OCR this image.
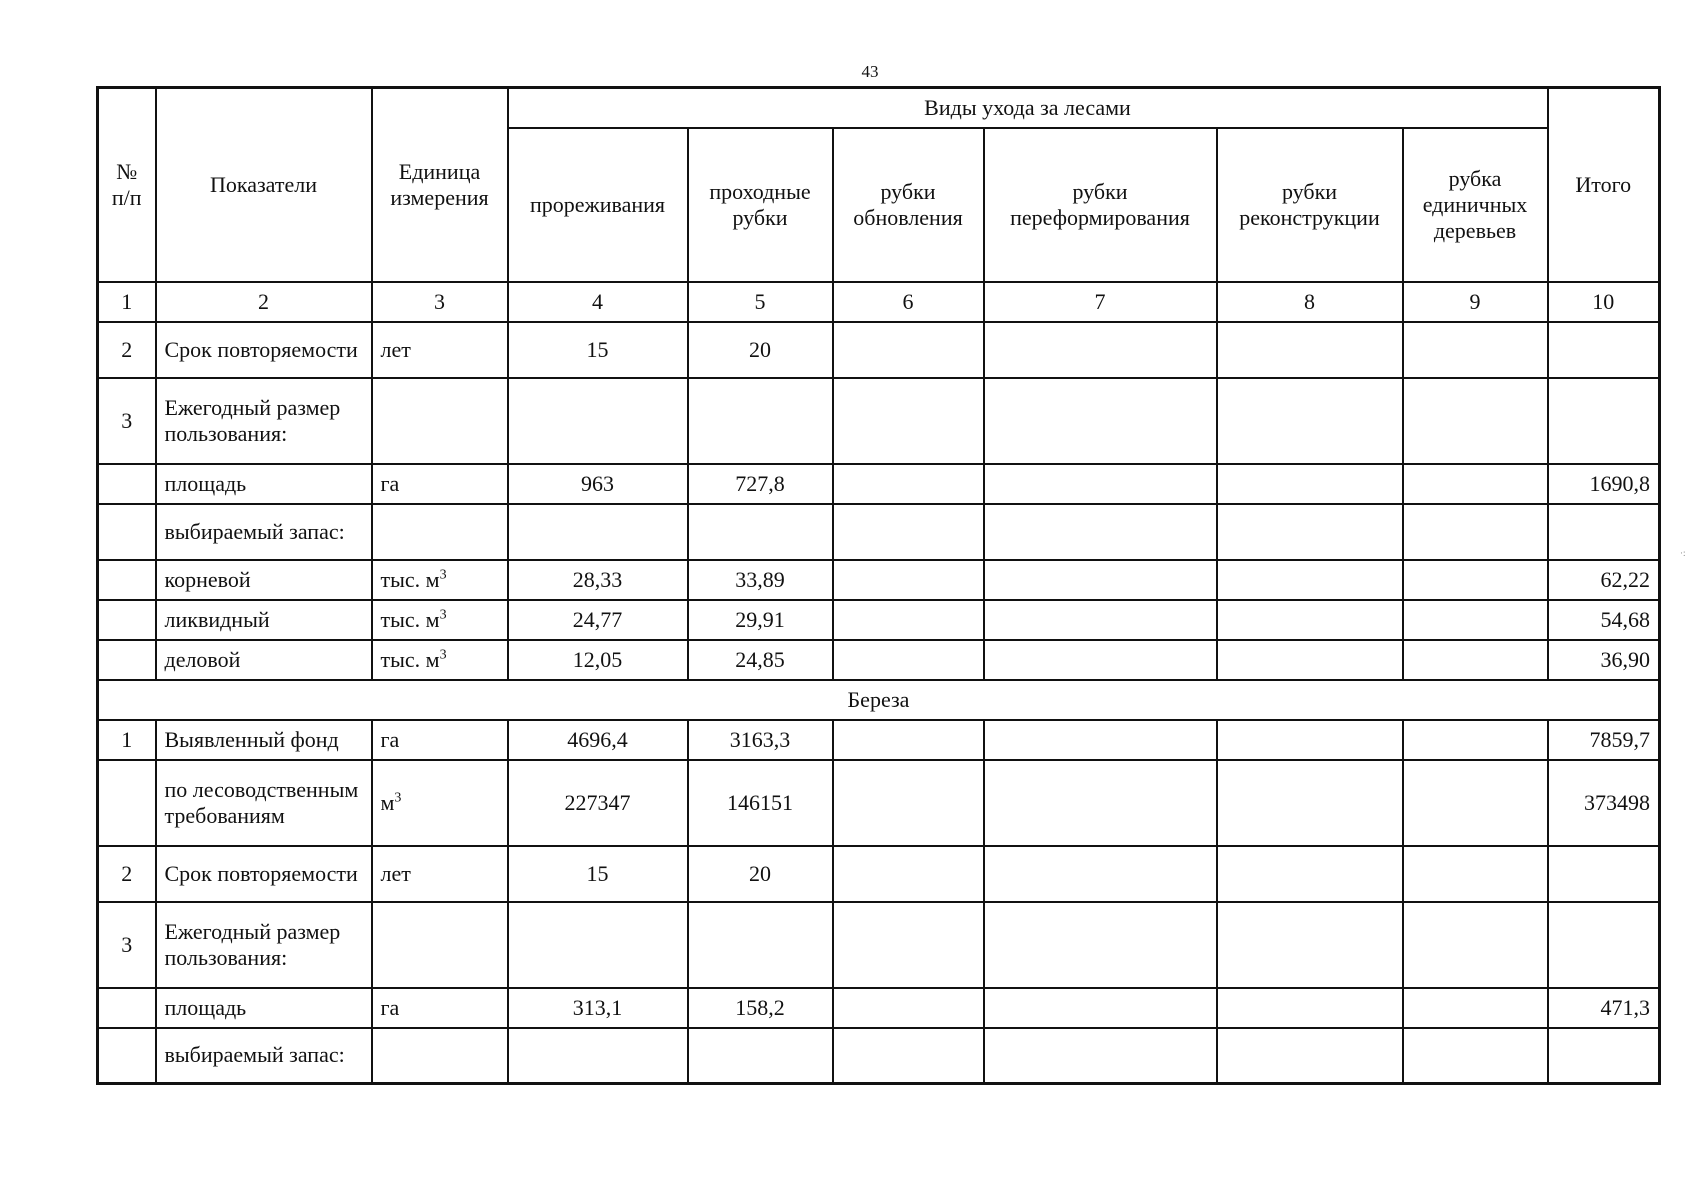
43
№ п/п	Показатели	Единица измерения	Виды ухода за лесами						Итого
			прореживания	проходные рубки	рубки обновления	рубки переформирования	рубки реконструкции	рубка единичных деревьев	
1	2	3	4	5	6	7	8	9	10
2	Срок повторяемости	лет	15	20					
3	Ежегодный размер пользования:								
	площадь	га	963	727,8					1690,8
	выбираемый запас:								
	корневой	тыс. $м^3$	28,33	33,89					62,22
	ликвидный	тыс. $м^3$	24,77	29,91					54,68
	деловой	тыс. $м^3$	12,05	24,85					36,90
Береза									
1	Выявленный фонд	га	4696,4	3163,3					7859,7
	по лесоводственным требованиям	$м^3$	227347	146151					373498
2	Срок повторяемости	лет	15	20					
3	Ежегодный размер пользования:								
	площадь	га	313,1	158,2					471,3
	выбираемый запас:								
·:
